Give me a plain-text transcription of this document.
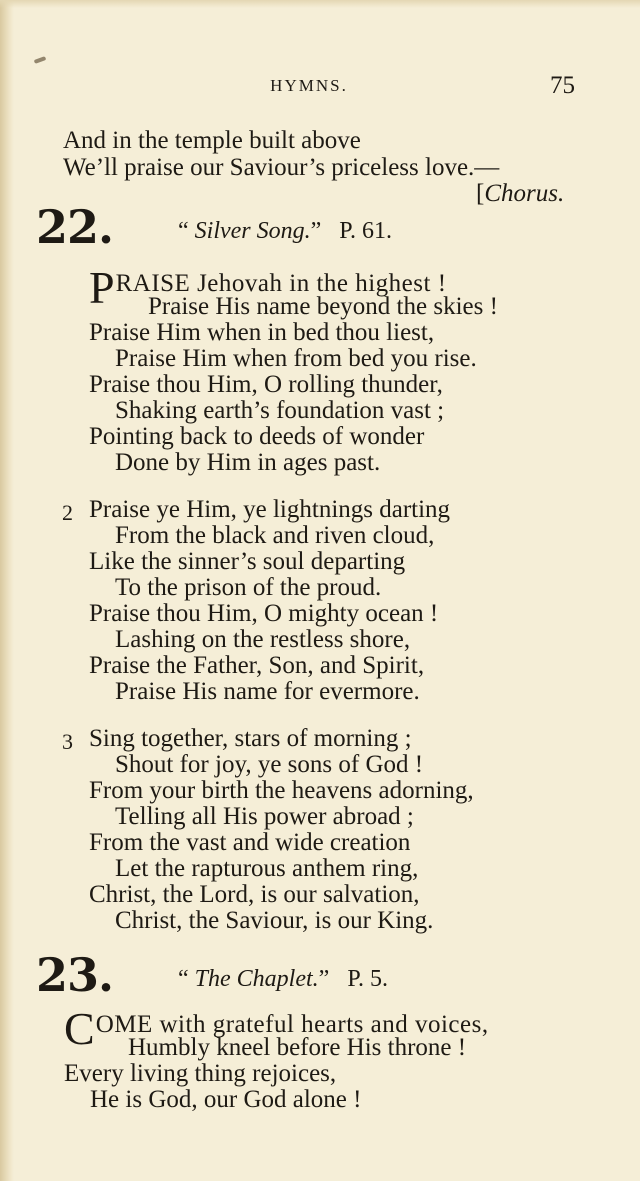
HYMNS.	75
And in the temple built above
We’ll praise our Saviour’s priceless love.—
[Chorus.
22.	“ Silver Song.” P. 61.
PRAISE Jehovah in the highest !
Praise His name beyond the skies !
Praise Him when in bed thou liest,
Praise Him when from bed you rise.
Praise thou Him, O rolling thunder,
Shaking earth’s foundation vast ;
Pointing back to deeds of wonder
Done by Him in ages past.
2 Praise ye Him, ye lightnings darting
From the black and riven cloud,
Like the sinner’s soul departing
To the prison of the proud.
Praise thou Him, O mighty ocean !
Lashing on the restless shore,
Praise the Father, Son, and Spirit,
Praise His name for evermore.
3 Sing together, stars of morning ;
Shout for joy, ye sons of God !
From your birth the heavens adorning,
Telling all His power abroad ;
From the vast and wide creation
Let the rapturous anthem ring,
Christ, the Lord, is our salvation,
Christ, the Saviour, is our King.
23.	“ The Chaplet.” P. 5.
COME with grateful hearts and voices,
Humbly kneel before His throne !
Every living thing rejoices,
He is God, our God alone !
